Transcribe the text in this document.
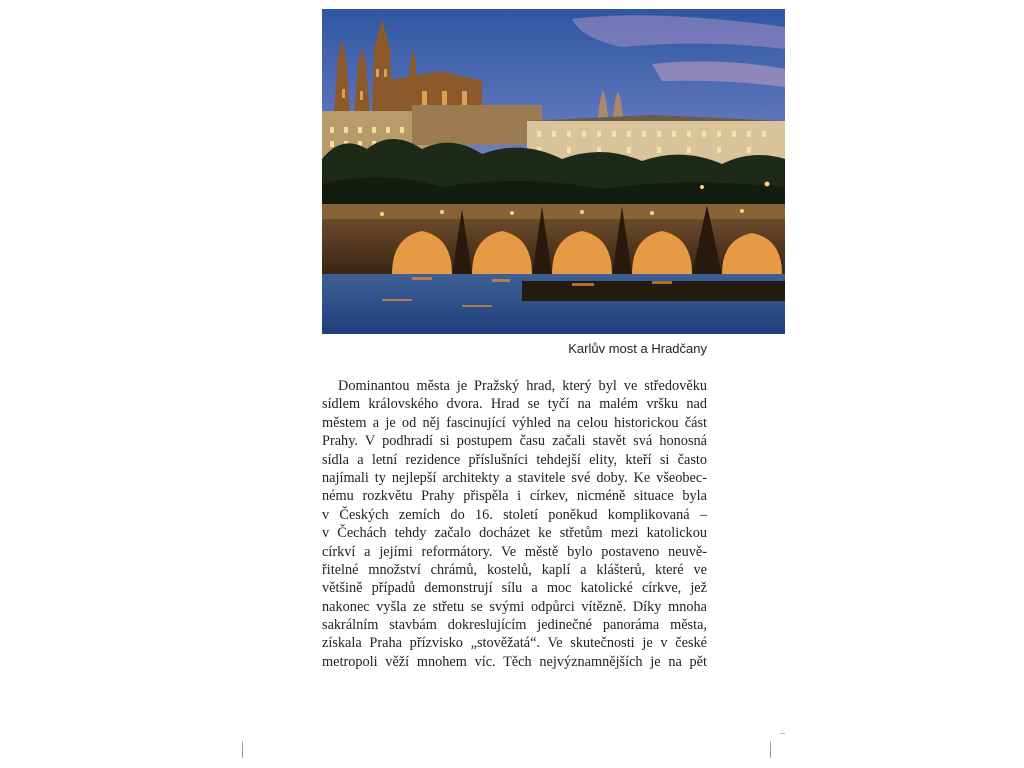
Karlův most a Hradčany
Dominantou města je Pražský hrad, který byl ve středověku
sídlem královského dvora. Hrad se tyčí na malém vršku nad
městem a je od něj fascinující výhled na celou historickou část
Prahy. V podhradí si postupem času začali stavět svá honosná
sídla a letní rezidence příslušníci tehdejší elity, kteří si často
najímali ty nejlepší architekty a stavitele své doby. Ke všeobec-
nému rozkvětu Prahy přispěla i církev, nicméně situace byla
v Českých zemích do 16. století poněkud komplikovaná –
v Čechách tehdy začalo docházet ke střetům mezi katolickou
církví a jejími reformátory. Ve městě bylo postaveno neuvě-
řitelné množství chrámů, kostelů, kaplí a klášterů, které ve
většině případů demonstrují sílu a moc katolické církve, jež
nakonec vyšla ze střetu se svými odpůrci vítězně. Díky mnoha
sakrálním stavbám dokreslujícím jedinečné panoráma města,
získala Praha přízvisko „stověžatá“. Ve skutečnosti je v české
metropoli věží mnohem víc. Těch nejvýznamnějších je na pět
